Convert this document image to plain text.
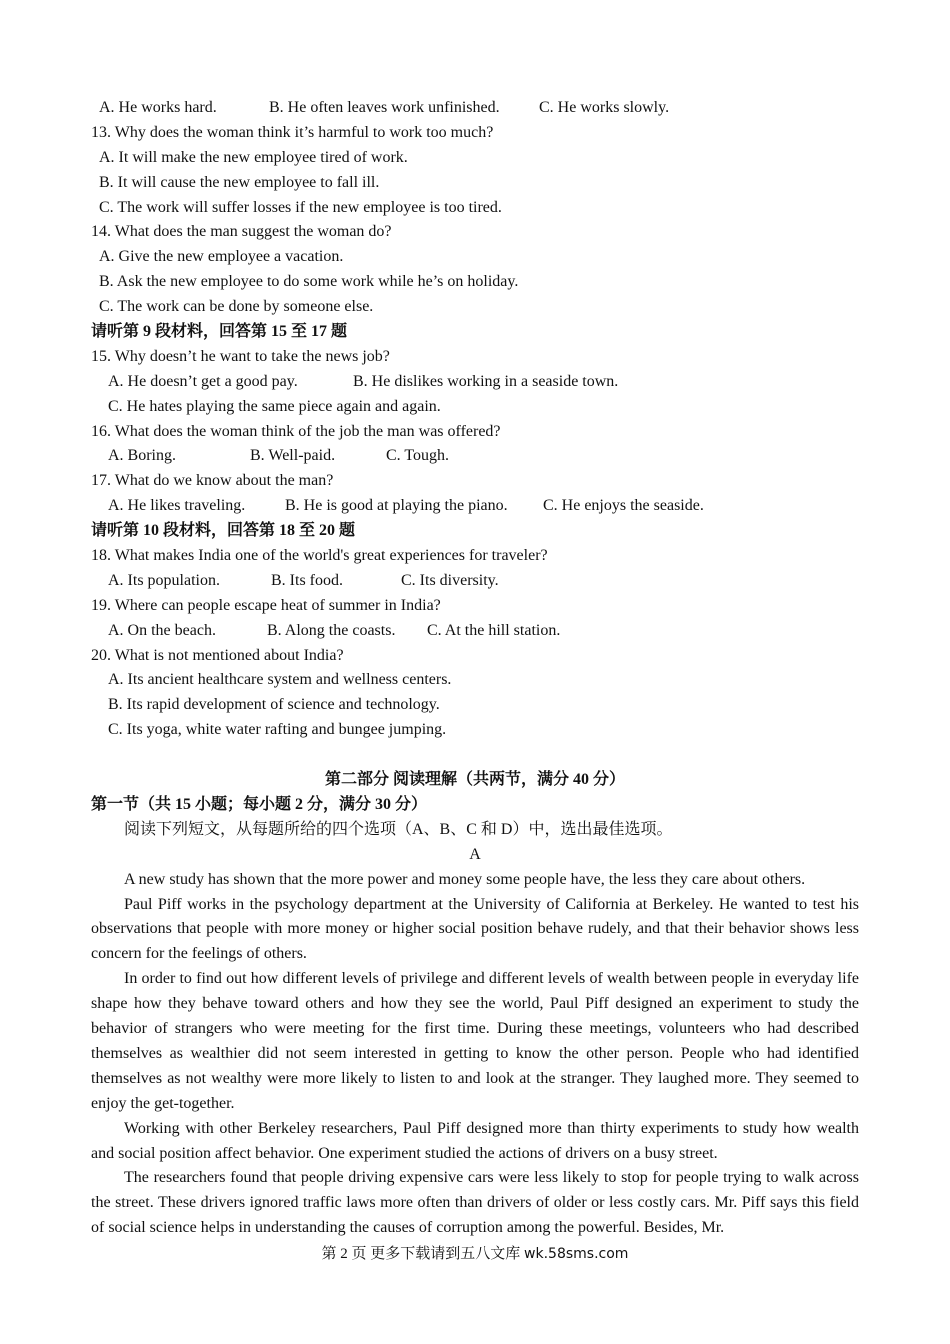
A. He works hard.	B. He often leaves work unfinished. C. He works slowly.
13. Why does the woman think it’s harmful to work too much?
A. It will make the new employee tired of work.
B. It will cause the new employee to fall ill.
C. The work will suffer losses if the new employee is too tired.
14. What does the man suggest the woman do?
A. Give the new employee a vacation.
B. Ask the new employee to do some work while he’s on holiday.
C. The work can be done by someone else.
请听第 9 段材料，回答第 15 至 17 题
15. Why doesn’t he want to take the news job?
A. He doesn’t get a good pay.	B. He dislikes working in a seaside town.
C. He hates playing the same piece again and again.
16. What does the woman think of the job the man was offered?
A. Boring.	B. Well-paid.	C. Tough.
17. What do we know about the man?
A. He likes traveling. B. He is good at playing the piano. C. He enjoys the seaside.
请听第 10 段材料，回答第 18 至 20 题
18. What makes India one of the world's great experiences for traveler?
A. Its population.	B. Its food.	C. Its diversity.
19. Where can people escape heat of summer in India?
A. On the beach.	B. Along the coasts. C. At the hill station.
20. What is not mentioned about India?
A. Its ancient healthcare system and wellness centers.
B. Its rapid development of science and technology.
C. Its yoga, white water rafting and bungee jumping.
第二部分 阅读理解（共两节，满分 40 分）
第一节（共 15 小题；每小题 2 分，满分 30 分）
阅读下列短文，从每题所给的四个选项（A、B、C 和 D）中，选出最佳选项。
A
A new study has shown that the more power and money some people have, the less they care about others.
Paul Piff works in the psychology department at the University of California at Berkeley. He wanted to test his observations that people with more money or higher social position behave rudely, and that their behavior shows less concern for the feelings of others.
In order to find out how different levels of privilege and different levels of wealth between people in everyday life shape how they behave toward others and how they see the world, Paul Piff designed an experiment to study the behavior of strangers who were meeting for the first time. During these meetings, volunteers who had described themselves as wealthier did not seem interested in getting to know the other person. People who had identified themselves as not wealthy were more likely to listen to and look at the stranger. They laughed more. They seemed to enjoy the get-together.
Working with other Berkeley researchers, Paul Piff designed more than thirty experiments to study how wealth and social position affect behavior. One experiment studied the actions of drivers on a busy street.
The researchers found that people driving expensive cars were less likely to stop for people trying to walk across the street. These drivers ignored traffic laws more often than drivers of older or less costly cars. Mr. Piff says this field of social science helps in understanding the causes of corruption among the powerful. Besides, Mr.
第 2 页 更多下载请到五八文库 wk.58sms.com
